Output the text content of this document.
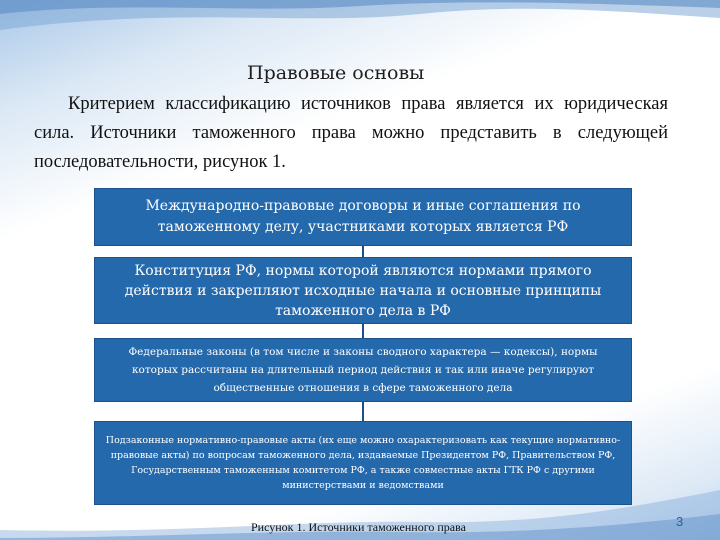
Правовые основы
Критерием классификацию источников права является их юридическая сила. Источники таможенного права можно представить в следующей последовательности, рисунок 1.
Международно-правовые договоры и иные соглашения по таможенному делу, участниками которых является РФ
Конституция РФ, нормы которой являются нормами прямого действия и закрепляют исходные начала и основные принципы таможенного дела в РФ
Федеральные законы (в том числе и законы сводного характера — кодексы), нормы которых рассчитаны на длительный период действия и так или иначе регулируют общественные отношения в сфере таможенного дела
Подзаконные нормативно-правовые акты (их еще можно охарактеризовать как текущие нормативно-правовые акты) по вопросам таможенного дела, издаваемые Президентом РФ, Правительством РФ, Государственным таможенным комитетом РФ, а также совместные акты ГТК РФ с другими министерствами и ведомствами
Рисунок 1. Источники таможенного права	3
